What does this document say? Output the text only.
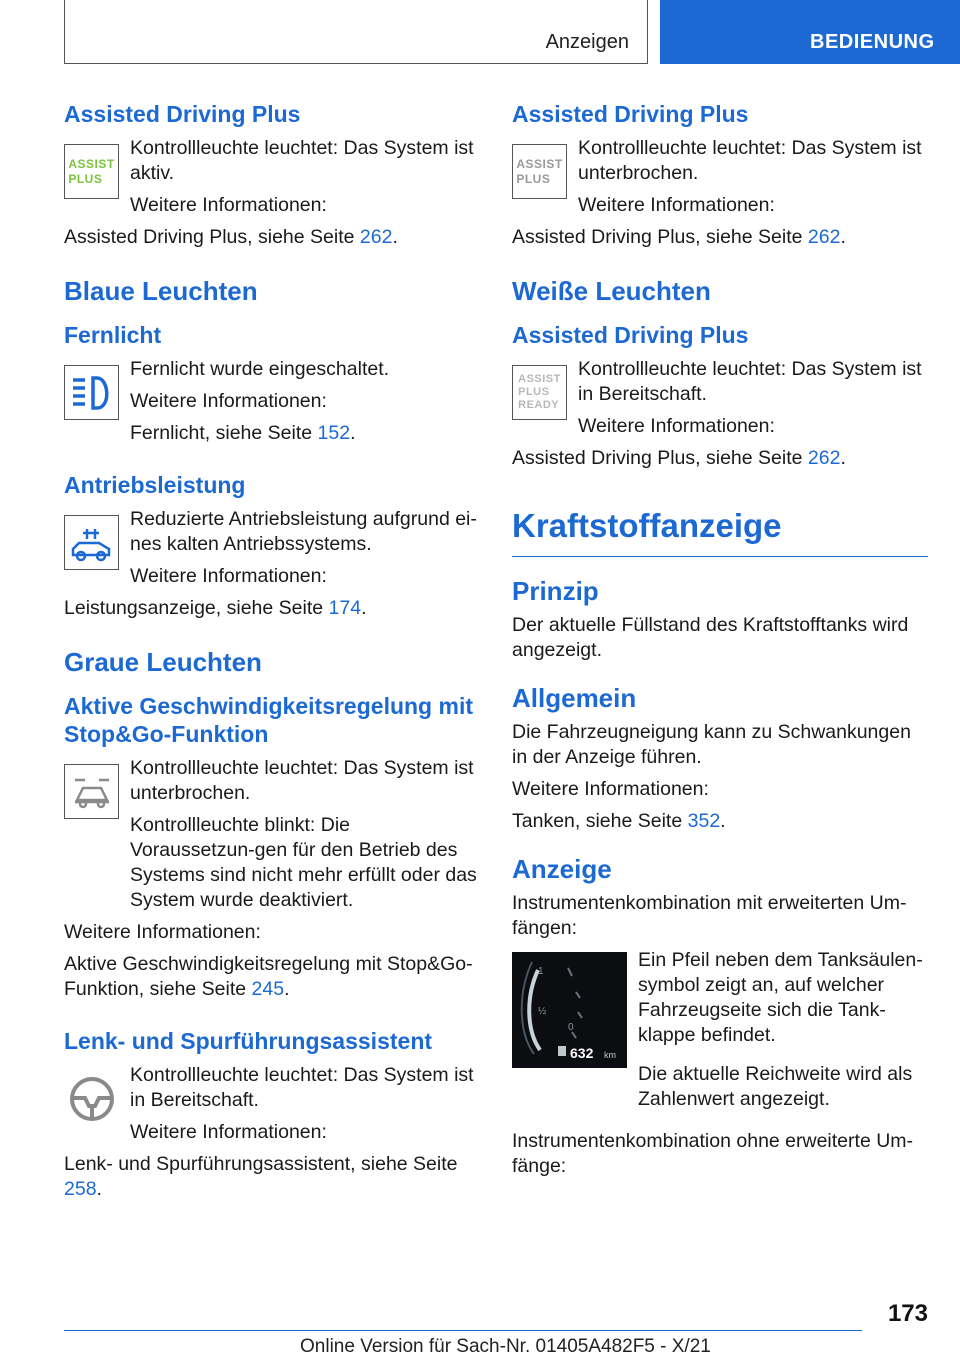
Anzeigen	BEDIENUNG
Assisted Driving Plus
ASSIST
PLUS

Kontrollleuchte leuchtet: Das System ist aktiv.

Weitere Informationen:

Assisted Driving Plus, siehe Seite 262.

Blaue Leuchten
Fernlicht

Fernlicht wurde eingeschaltet.

Weitere Informationen:

Fernlicht, siehe Seite 152.

Antriebsleistung

Reduzierte Antriebsleistung aufgrund ei-nes kalten Antriebssystems.

Weitere Informationen:

Leistungsanzeige, siehe Seite 174.

Graue Leuchten
Aktive Geschwindigkeitsregelung mit Stop&Go-Funktion

Kontrollleuchte leuchtet: Das System ist unterbrochen.

Kontrollleuchte blinkt: Die Voraussetzun-gen für den Betrieb des Systems sind nicht mehr erfüllt oder das System wurde deaktiviert.

Weitere Informationen:

Aktive Geschwindigkeitsregelung mit Stop&Go-Funktion, siehe Seite 245.

Lenk- und Spurführungsassistent

Kontrollleuchte leuchtet: Das System ist in Bereitschaft.

Weitere Informationen:

Lenk- und Spurführungsassistent, siehe Seite 258.

Assisted Driving Plus
ASSIST
PLUS

Kontrollleuchte leuchtet: Das System ist unterbrochen.

Weitere Informationen:

Assisted Driving Plus, siehe Seite 262.

Weiße Leuchten
Assisted Driving Plus
ASSIST
PLUS
READY

Kontrollleuchte leuchtet: Das System ist in Bereitschaft.

Weitere Informationen:

Assisted Driving Plus, siehe Seite 262.

Kraftstoffanzeige
Prinzip

Der aktuelle Füllstand des Kraftstofftanks wird angezeigt.

Allgemein

Die Fahrzeugneigung kann zu Schwankungen in der Anzeige führen.

Weitere Informationen:

Tanken, siehe Seite 352.

Anzeige

Instrumentenkombination mit erweiterten Um-fängen:

1
½
0
632 km

Ein Pfeil neben dem Tanksäulen-symbol zeigt an, auf welcher Fahrzeugseite sich die Tank-klappe befindet.

Die aktuelle Reichweite wird als Zahlenwert angezeigt.

Instrumentenkombination ohne erweiterte Um-fänge:

173
Online Version für Sach-Nr. 01405A482F5 - X/21
